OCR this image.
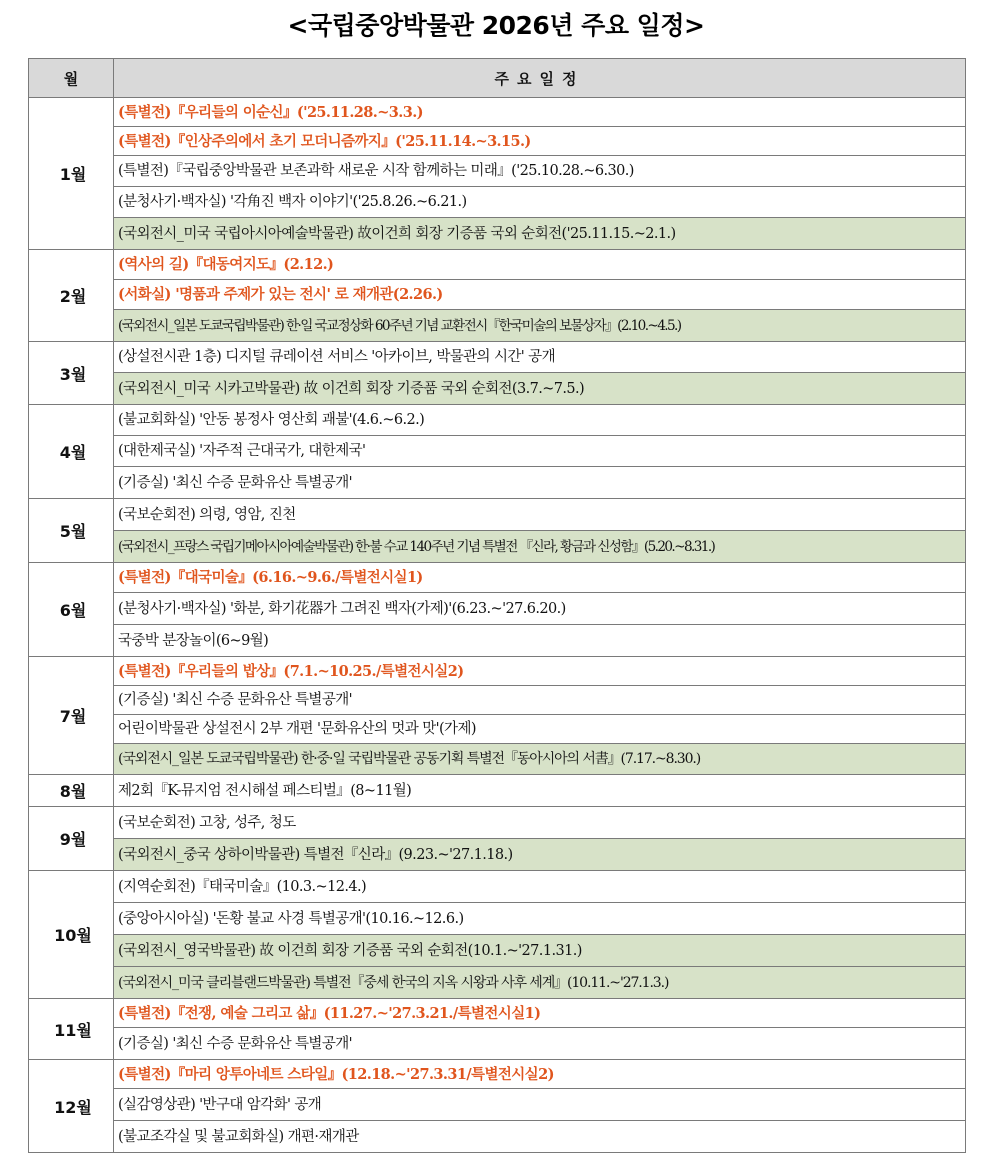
<국립중앙박물관 2026년 주요 일정>
월	주요일정
1월	(특별전)『우리들의 이순신』('25.11.28.~3.3.)
	(특별전)『인상주의에서 초기 모더니즘까지』('25.11.14.~3.15.)
	(특별전)『국립중앙박물관 보존과학 새로운 시작 함께하는 미래』('25.10.28.~6.30.)
	(분청사기·백자실) '각角진 백자 이야기'('25.8.26.~6.21.)
	(국외전시_미국 국립아시아예술박물관) 故이건희 회장 기증품 국외 순회전('25.11.15.~2.1.)
2월	(역사의 길)『대동여지도』(2.12.)
	(서화실) '명품과 주제가 있는 전시' 로 재개관(2.26.)
	(국외전시_일본 도쿄국립박물관) 한·일 국교정상화 60주년 기념 교환전시『한국미술의 보물상자』(2.10.~4.5.)
3월	(상설전시관 1층) 디지털 큐레이션 서비스 '아카이브, 박물관의 시간' 공개
	(국외전시_미국 시카고박물관) 故 이건희 회장 기증품 국외 순회전(3.7.~7.5.)
4월	(불교회화실) '안동 봉정사 영산회 괘불'(4.6.~6.2.)
	(대한제국실) '자주적 근대국가, 대한제국'
	(기증실) '최신 수증 문화유산 특별공개'
5월	(국보순회전) 의령, 영암, 진천
	(국외전시_프랑스 국립기메아시아예술박물관) 한·불 수교 140주년 기념 특별전 『신라, 황금과 신성함』(5.20.~8.31.)
6월	(특별전)『대국미술』(6.16.~9.6./특별전시실1)
	(분청사기·백자실) '화분, 화기花器가 그려진 백자(가제)'(6.23.~'27.6.20.)
	국중박 분장놀이(6~9월)
7월	(특별전)『우리들의 밥상』(7.1.~10.25./특별전시실2)
	(기증실) '최신 수증 문화유산 특별공개'
	어린이박물관 상설전시 2부 개편 '문화유산의 멋과 맛'(가제)
	(국외전시_일본 도쿄국립박물관) 한·중·일 국립박물관 공동기획 특별전『동아시아의 서書』(7.17.~8.30.)
8월	제2회『K-뮤지엄 전시해설 페스티벌』(8~11월)
9월	(국보순회전) 고창, 성주, 청도
	(국외전시_중국 상하이박물관) 특별전『신라』(9.23.~'27.1.18.)
10월	(지역순회전)『태국미술』(10.3.~12.4.)
	(중앙아시아실) '돈황 불교 사경 특별공개'(10.16.~12.6.)
	(국외전시_영국박물관) 故 이건희 회장 기증품 국외 순회전(10.1.~'27.1.31.)
	(국외전시_미국 클리블랜드박물관) 특별전『중세 한국의 지옥 시왕과 사후 세계』(10.11.~'27.1.3.)
11월	(특별전)『전쟁, 예술 그리고 삶』(11.27.~'27.3.21./특별전시실1)
	(기증실) '최신 수증 문화유산 특별공개'
12월	(특별전)『마리 앙투아네트 스타일』(12.18.~'27.3.31/특별전시실2)
	(실감영상관) '반구대 암각화' 공개
	(불교조각실 및 불교회화실) 개편·재개관
